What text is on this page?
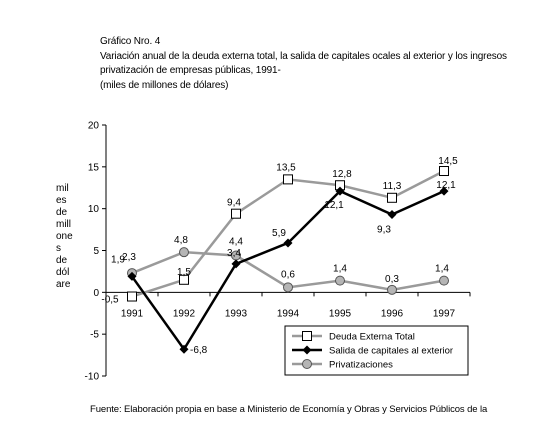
Gráfico Nro. 4
Variación anual de la deuda externa total, la salida de capitales ocales al exterior y los ingresos
privatización de empresas públicas, 1991-
(miles de millones de dólares)
mil
es
de
mill
one
s
de
dól
are
20
15
10
5
0
-5
-10
1991	1992	1993	1994	1995	1996	1997
-0,5
1,5
9,4
13,5
12,8
11,3
14,5
1,9
-6,8
3,4
5,9
12,1
9,3
12,1
2,3
4,8	4,4
0,6
1,4
0,3
1,4
Deuda Externa Total
Salida de capitales al exterior
Privatizaciones
Fuente: Elaboración propia en base a Ministerio de Economía y Obras y Servicios Públicos de la
